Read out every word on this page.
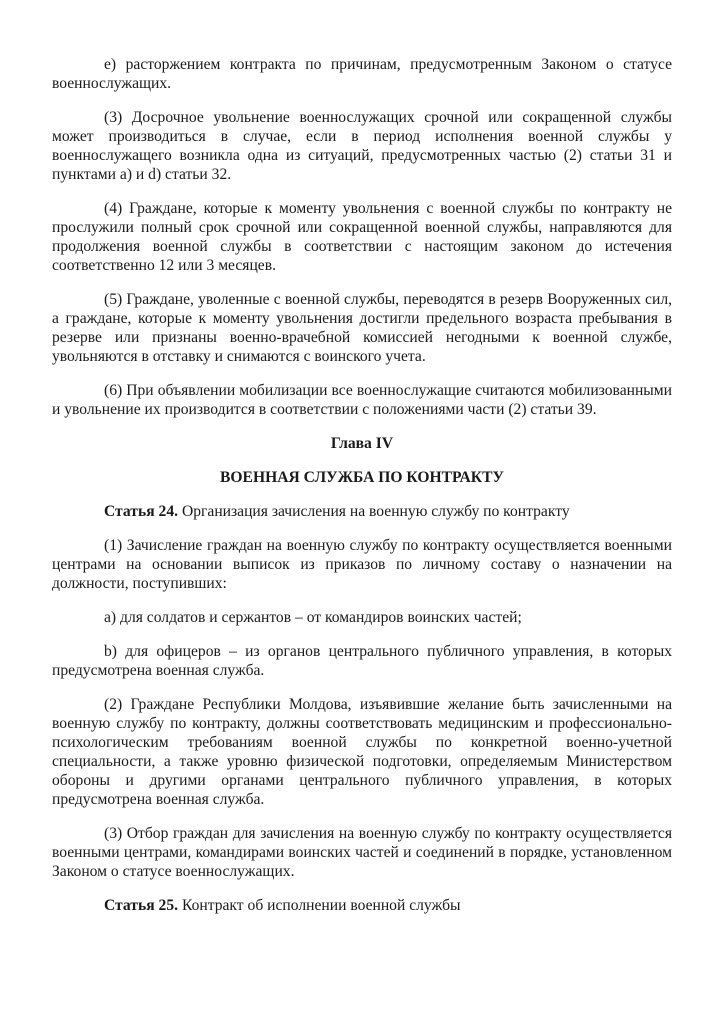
е) расторжением контракта по причинам, предусмотренным Законом о статусе военнослужащих.

(3) Досрочное увольнение военнослужащих срочной или сокращенной службы может производиться в случае, если в период исполнения военной службы у военнослужащего возникла одна из ситуаций, предусмотренных частью (2) статьи 31 и пунктами а) и d) статьи 32.

(4) Граждане, которые к моменту увольнения с военной службы по контракту не прослужили полный срок срочной или сокращенной военной службы, направляются для продолжения военной службы в соответствии с настоящим законом до истечения соответственно 12 или 3 месяцев.

(5) Граждане, уволенные с военной службы, переводятся в резерв Вооруженных сил, а граждане, которые к моменту увольнения достигли предельного возраста пребывания в резерве или признаны военно-врачебной комиссией негодными к военной службе, увольняются в отставку и снимаются с воинского учета.

(6) При объявлении мобилизации все военнослужащие считаются мобилизованными и увольнение их производится в соответствии с положениями части (2) статьи 39.

Глава IV

ВОЕННАЯ СЛУЖБА ПО КОНТРАКТУ

Статья 24. Организация зачисления на военную службу по контракту

(1) Зачисление граждан на военную службу по контракту осуществляется военными центрами на основании выписок из приказов по личному составу о назначении на должности, поступивших:

a) для солдатов и сержантов – от командиров воинских частей;

b) для офицеров – из органов центрального публичного управления, в которых предусмотрена военная служба.

(2) Граждане Республики Молдова, изъявившие желание быть зачисленными на военную службу по контракту, должны соответствовать медицинским и профессионально-психологическим требованиям военной службы по конкретной военно-учетной специальности, а также уровню физической подготовки, определяемым Министерством обороны и другими органами центрального публичного управления, в которых предусмотрена военная служба.

(3) Отбор граждан для зачисления на военную службу по контракту осуществляется военными центрами, командирами воинских частей и соединений в порядке, установленном Законом о статусе военнослужащих.

Статья 25. Контракт об исполнении военной службы
